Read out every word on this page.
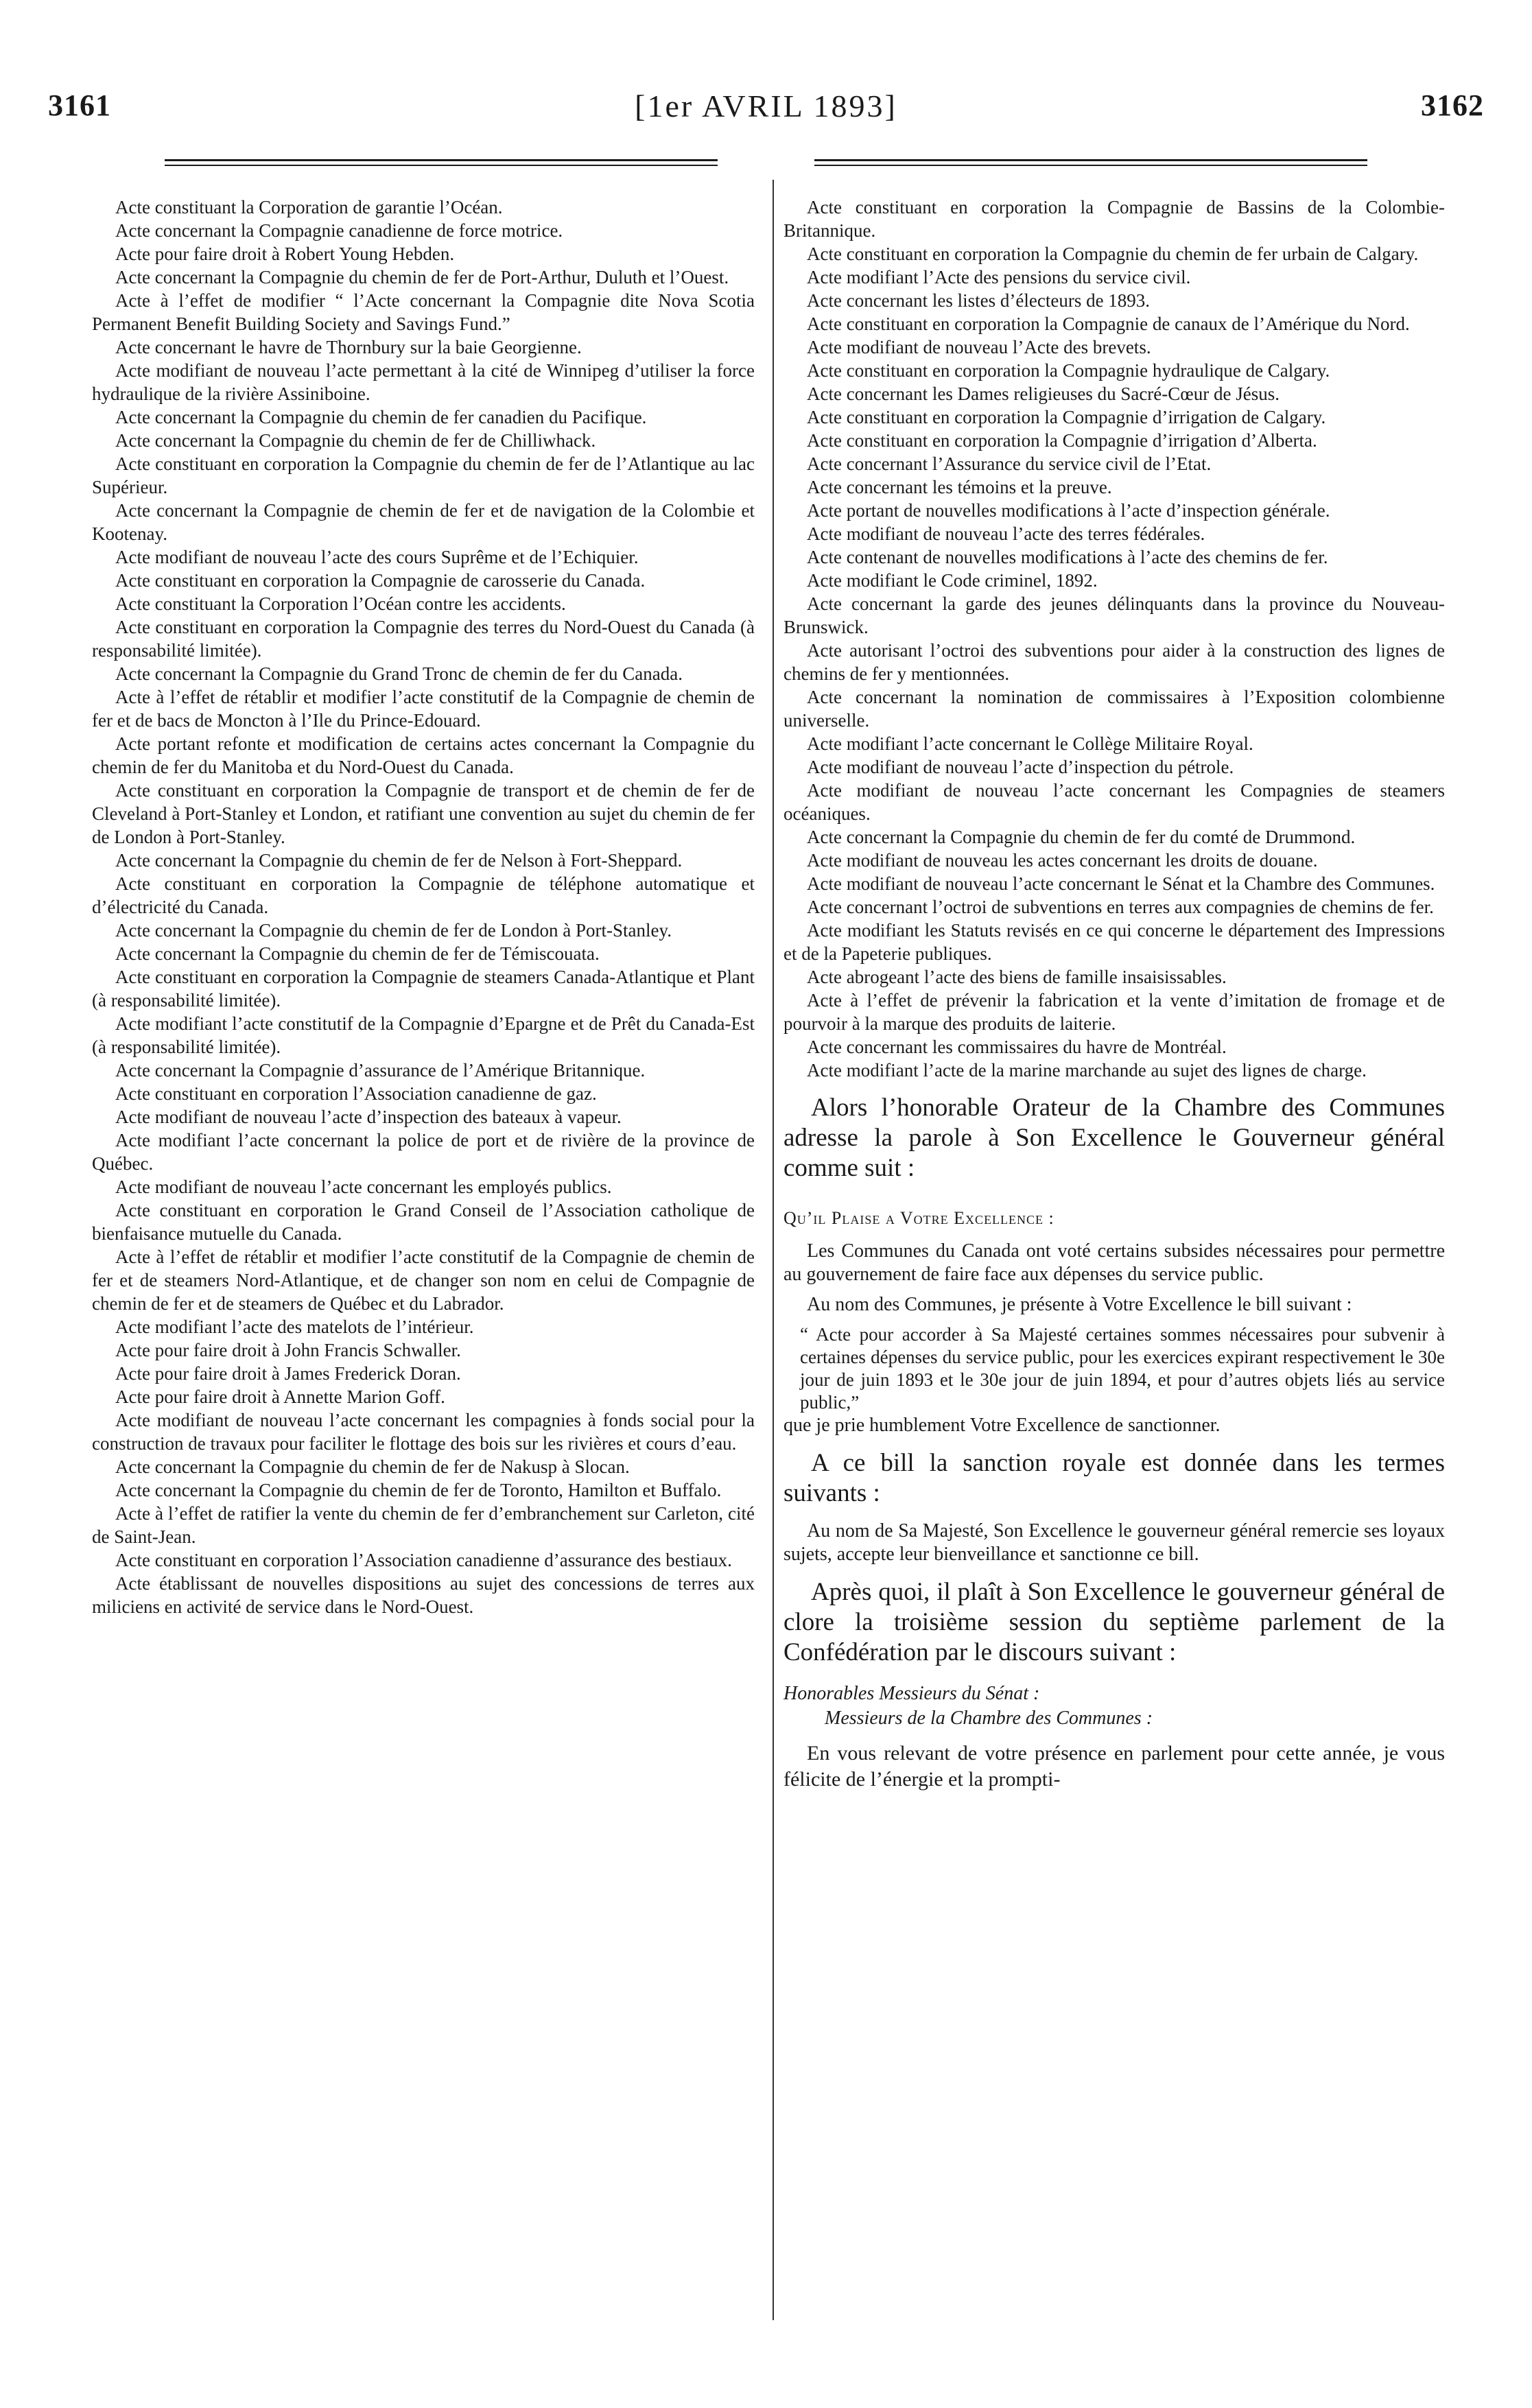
3161	[1er AVRIL 1893]	3162

Acte constituant la Corporation de garantie l’Océan.

Acte concernant la Compagnie canadienne de force motrice.

Acte pour faire droit à Robert Young Hebden.

Acte concernant la Compagnie du chemin de fer de Port-Arthur, Duluth et l’Ouest.

Acte à l’effet de modifier “ l’Acte concernant la Compagnie dite Nova Scotia Permanent Benefit Building Society and Savings Fund.”

Acte concernant le havre de Thornbury sur la baie Georgienne.

Acte modifiant de nouveau l’acte permettant à la cité de Winnipeg d’utiliser la force hydraulique de la rivière Assiniboine.

Acte concernant la Compagnie du chemin de fer canadien du Pacifique.

Acte concernant la Compagnie du chemin de fer de Chilliwhack.

Acte constituant en corporation la Compagnie du chemin de fer de l’Atlantique au lac Supérieur.

Acte concernant la Compagnie de chemin de fer et de navigation de la Colombie et Kootenay.

Acte modifiant de nouveau l’acte des cours Suprême et de l’Echiquier.

Acte constituant en corporation la Compagnie de carosserie du Canada.

Acte constituant la Corporation l’Océan contre les accidents.

Acte constituant en corporation la Compagnie des terres du Nord-Ouest du Canada (à responsabilité limitée).

Acte concernant la Compagnie du Grand Tronc de chemin de fer du Canada.

Acte à l’effet de rétablir et modifier l’acte constitutif de la Compagnie de chemin de fer et de bacs de Moncton à l’Ile du Prince-Edouard.

Acte portant refonte et modification de certains actes concernant la Compagnie du chemin de fer du Manitoba et du Nord-Ouest du Canada.

Acte constituant en corporation la Compagnie de transport et de chemin de fer de Cleveland à Port-Stanley et London, et ratifiant une convention au sujet du chemin de fer de London à Port-Stanley.

Acte concernant la Compagnie du chemin de fer de Nelson à Fort-Sheppard.

Acte constituant en corporation la Compagnie de téléphone automatique et d’électricité du Canada.

Acte concernant la Compagnie du chemin de fer de London à Port-Stanley.

Acte concernant la Compagnie du chemin de fer de Témiscouata.

Acte constituant en corporation la Compagnie de steamers Canada-Atlantique et Plant (à responsabilité limitée).

Acte modifiant l’acte constitutif de la Compagnie d’Epargne et de Prêt du Canada-Est (à responsabilité limitée).

Acte concernant la Compagnie d’assurance de l’Amérique Britannique.

Acte constituant en corporation l’Association canadienne de gaz.

Acte modifiant de nouveau l’acte d’inspection des bateaux à vapeur.

Acte modifiant l’acte concernant la police de port et de rivière de la province de Québec.

Acte modifiant de nouveau l’acte concernant les employés publics.

Acte constituant en corporation le Grand Conseil de l’Association catholique de bienfaisance mutuelle du Canada.

Acte à l’effet de rétablir et modifier l’acte constitutif de la Compagnie de chemin de fer et de steamers Nord-Atlantique, et de changer son nom en celui de Compagnie de chemin de fer et de steamers de Québec et du Labrador.

Acte modifiant l’acte des matelots de l’intérieur.

Acte pour faire droit à John Francis Schwaller.

Acte pour faire droit à James Frederick Doran.

Acte pour faire droit à Annette Marion Goff.

Acte modifiant de nouveau l’acte concernant les compagnies à fonds social pour la construction de travaux pour faciliter le flottage des bois sur les rivières et cours d’eau.

Acte concernant la Compagnie du chemin de fer de Nakusp à Slocan.

Acte concernant la Compagnie du chemin de fer de Toronto, Hamilton et Buffalo.

Acte à l’effet de ratifier la vente du chemin de fer d’embranchement sur Carleton, cité de Saint-Jean.

Acte constituant en corporation l’Association canadienne d’assurance des bestiaux.

Acte établissant de nouvelles dispositions au sujet des concessions de terres aux miliciens en activité de service dans le Nord-Ouest.

Acte constituant en corporation la Compagnie de Bassins de la Colombie-Britannique.

Acte constituant en corporation la Compagnie du chemin de fer urbain de Calgary.

Acte modifiant l’Acte des pensions du service civil.

Acte concernant les listes d’électeurs de 1893.

Acte constituant en corporation la Compagnie de canaux de l’Amérique du Nord.

Acte modifiant de nouveau l’Acte des brevets.

Acte constituant en corporation la Compagnie hydraulique de Calgary.

Acte concernant les Dames religieuses du Sacré-Cœur de Jésus.

Acte constituant en corporation la Compagnie d’irrigation de Calgary.

Acte constituant en corporation la Compagnie d’irrigation d’Alberta.

Acte concernant l’Assurance du service civil de l’Etat.

Acte concernant les témoins et la preuve.

Acte portant de nouvelles modifications à l’acte d’inspection générale.

Acte modifiant de nouveau l’acte des terres fédérales.

Acte contenant de nouvelles modifications à l’acte des chemins de fer.

Acte modifiant le Code criminel, 1892.

Acte concernant la garde des jeunes délinquants dans la province du Nouveau-Brunswick.

Acte autorisant l’octroi des subventions pour aider à la construction des lignes de chemins de fer y mentionnées.

Acte concernant la nomination de commissaires à l’Exposition colombienne universelle.

Acte modifiant l’acte concernant le Collège Militaire Royal.

Acte modifiant de nouveau l’acte d’inspection du pétrole.

Acte modifiant de nouveau l’acte concernant les Compagnies de steamers océaniques.

Acte concernant la Compagnie du chemin de fer du comté de Drummond.

Acte modifiant de nouveau les actes concernant les droits de douane.

Acte modifiant de nouveau l’acte concernant le Sénat et la Chambre des Communes.

Acte concernant l’octroi de subventions en terres aux compagnies de chemins de fer.

Acte modifiant les Statuts revisés en ce qui concerne le département des Impressions et de la Papeterie publiques.

Acte abrogeant l’acte des biens de famille insaisissables.

Acte à l’effet de prévenir la fabrication et la vente d’imitation de fromage et de pourvoir à la marque des produits de laiterie.

Acte concernant les commissaires du havre de Montréal.

Acte modifiant l’acte de la marine marchande au sujet des lignes de charge.

Alors l’honorable Orateur de la Chambre des Communes adresse la parole à Son Excellence le Gouverneur général comme suit :

Qu’il Plaise a Votre Excellence :

Les Communes du Canada ont voté certains subsides nécessaires pour permettre au gouvernement de faire face aux dépenses du service public.

Au nom des Communes, je présente à Votre Excellence le bill suivant :

“ Acte pour accorder à Sa Majesté certaines sommes nécessaires pour subvenir à certaines dépenses du service public, pour les exercices expirant respectivement le 30e jour de juin 1893 et le 30e jour de juin 1894, et pour d’autres objets liés au service public,”

que je prie humblement Votre Excellence de sanctionner.

A ce bill la sanction royale est donnée dans les termes suivants :

Au nom de Sa Majesté, Son Excellence le gouverneur général remercie ses loyaux sujets, accepte leur bienveillance et sanctionne ce bill.

Après quoi, il plaît à Son Excellence le gouverneur général de clore la troisième session du septième parlement de la Confédération par le discours suivant :

Honorables Messieurs du Sénat :
Messieurs de la Chambre des Communes :

En vous relevant de votre présence en parlement pour cette année, je vous félicite de l’énergie et la prompti-
